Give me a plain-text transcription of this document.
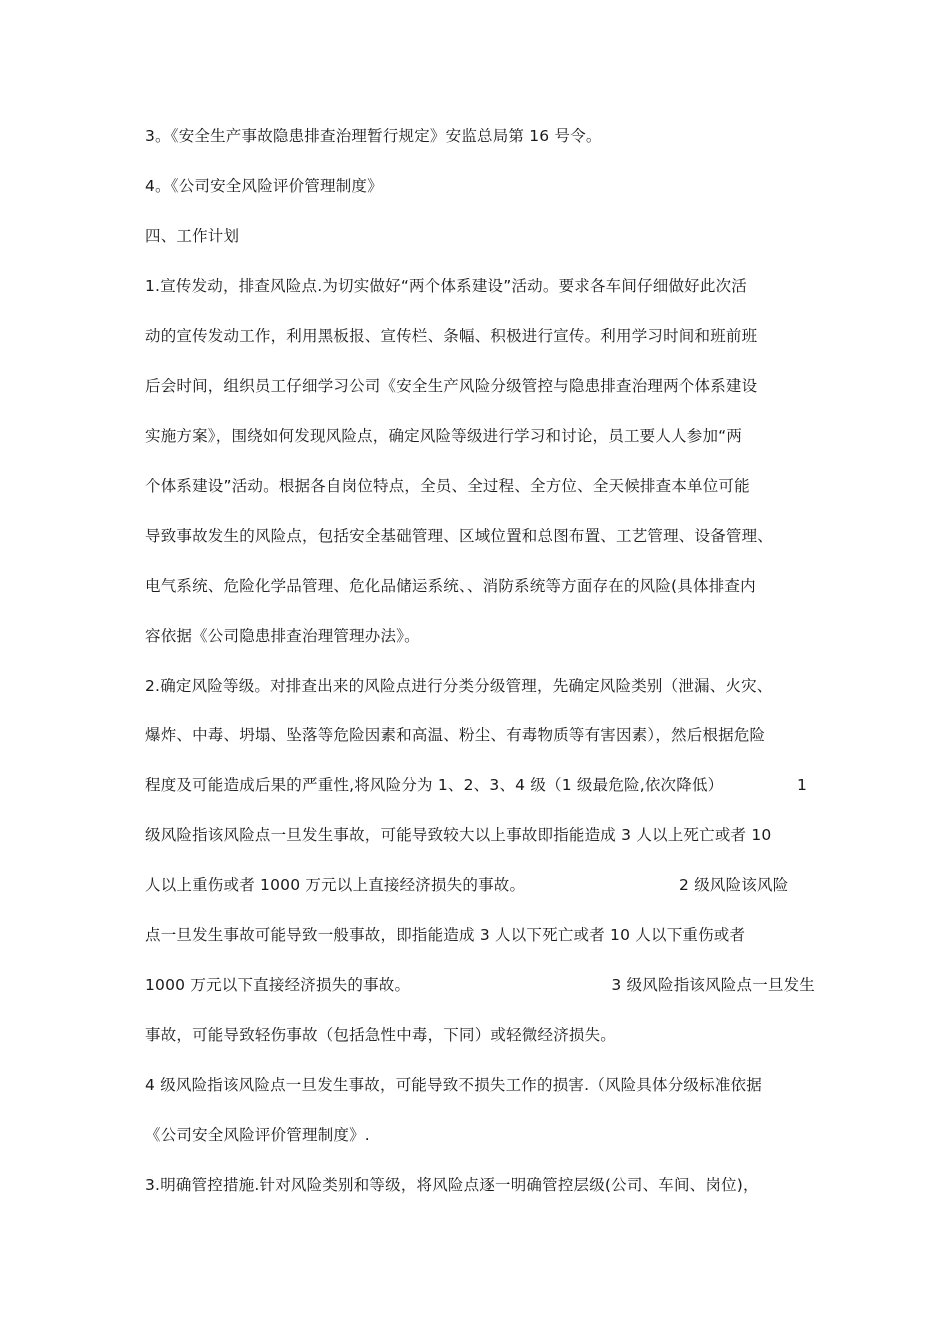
3。《安全生产事故隐患排查治理暂行规定》安监总局第 16 号令。
4。《公司安全风险评价管理制度》
四、工作计划
1.宣传发动，排查风险点.为切实做好“两个体系建设”活动。要求各车间仔细做好此次活
动的宣传发动工作，利用黑板报、宣传栏、条幅、积极进行宣传。利用学习时间和班前班
后会时间，组织员工仔细学习公司《安全生产风险分级管控与隐患排查治理两个体系建设
实施方案》，围绕如何发现风险点，确定风险等级进行学习和讨论，员工要人人参加“两
个体系建设”活动。根据各自岗位特点，全员、全过程、全方位、全天候排查本单位可能
导致事故发生的风险点，包括安全基础管理、区域位置和总图布置、工艺管理、设备管理、
电气系统、危险化学品管理、危化品储运系统、、消防系统等方面存在的风险(具体排查内
容依据《公司隐患排查治理管理办法》。
2.确定风险等级。对排查出来的风险点进行分类分级管理，先确定风险类别（泄漏、火灾、
爆炸、中毒、坍塌、坠落等危险因素和高温、粉尘、有毒物质等有害因素），然后根据危险
程度及可能造成后果的严重性,将风险分为 1、2、3、4 级（1 级最危险,依次降低）	1
级风险指该风险点一旦发生事故，可能导致较大以上事故即指能造成 3 人以上死亡或者 10
人以上重伤或者 1000 万元以上直接经济损失的事故。	2 级风险该风险
点一旦发生事故可能导致一般事故，即指能造成 3 人以下死亡或者 10 人以下重伤或者
1000 万元以下直接经济损失的事故。	3 级风险指该风险点一旦发生
事故，可能导致轻伤事故（包括急性中毒，下同）或轻微经济损失。
4 级风险指该风险点一旦发生事故，可能导致不损失工作的损害.（风险具体分级标准依据
《公司安全风险评价管理制度》.
3.明确管控措施.针对风险类别和等级，将风险点逐一明确管控层级(公司、车间、岗位)，
